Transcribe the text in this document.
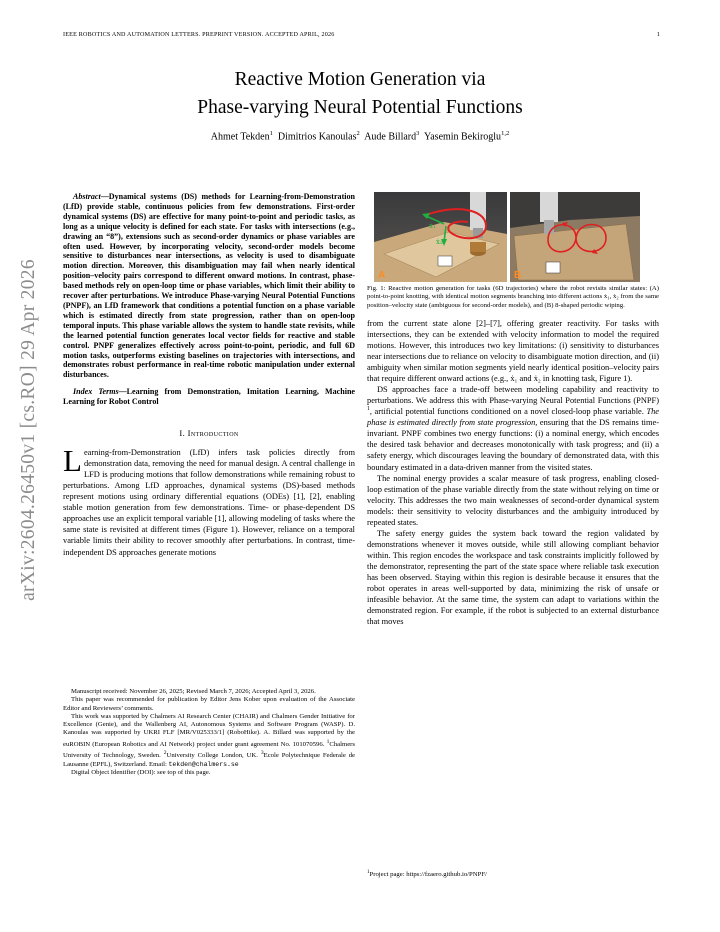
IEEE ROBOTICS AND AUTOMATION LETTERS. PREPRINT VERSION. ACCEPTED APRIL, 2026	1
arXiv:2604.26450v1 [cs.RO] 29 Apr 2026
Reactive Motion Generation via
Phase-varying Neural Potential Functions
Ahmet Tekden$^1$ Dimitrios Kanoulas$^2$ Aude Billard$^3$ Yasemin Bekiroglu$^{1,2}$

Abstract—Dynamical systems (DS) methods for Learning-from-Demonstration (LfD) provide stable, continuous policies from few demonstrations. First-order dynamical systems (DS) are effective for many point-to-point and periodic tasks, as long as a unique velocity is defined for each state. For tasks with intersections (e.g., drawing an “8”), extensions such as second-order dynamics or phase variables are often used. However, by incorporating velocity, second-order models become sensitive to disturbances near intersections, as velocity is used to disambiguate motion direction. Moreover, this disambiguation may fail when nearly identical position–velocity pairs correspond to different onward motions. In contrast, phase-based methods rely on open-loop time or phase variables, which limit their ability to recover after perturbations. We introduce Phase-varying Neural Potential Functions (PNPF), an LfD framework that conditions a potential function on a phase variable which is estimated directly from state progression, rather than on open-loop temporal inputs. This phase variable allows the system to handle state revisits, while the learned potential function generates local vector fields for reactive and stable control. PNPF generalizes effectively across point-to-point, periodic, and full 6D motion tasks, outperforms existing baselines on trajectories with intersections, and demonstrates robust performance in real-time robotic manipulation under external disturbances.

Index Terms—Learning from Demonstration, Imitation Learning, Machine Learning for Robot Control

I. Introduction

Learning-from-Demonstration (LfD) infers task policies directly from demonstration data, removing the need for manual design. A central challenge in LFD is producing motions that follow demonstrations while remaining robust to perturbations. Among LfD approaches, dynamical systems (DS)-based methods represent motions using ordinary differential equations (ODEs) [1], [2], enabling stable motion generation from few demonstrations. Time- or phase-dependent DS approaches use an explicit temporal variable [1], allowing modeling of tasks where the same state is revisited at different times (Figure 1). However, reliance on a temporal variable limits their ability to recover smoothly after perturbations. In contrast, time-independent DS approaches generate motions

Manuscript received: November 26, 2025; Revised March 7, 2026; Accepted April 3, 2026.

This paper was recommended for publication by Editor Jens Kober upon evaluation of the Associate Editor and Reviewers’ comments.

This work was supported by Chalmers AI Research Center (CHAIR) and Chalmers Gender Initiative for Excellence (Genie), and the Wallenberg AI, Autonomous Systems and Software Program (WASP). D. Kanoulas was supported by UKRI FLF [MR/V025333/1] (RoboHike). A. Billard was supported by the euROBIN (European Robotics and AI Network) project under grant agreement No. 101070596. $^1$Chalmers University of Technology, Sweden. $^2$University College London, UK. $^3$Ecole Polytechnique Federale de Lausanne (EPFL), Switzerland. Email: tekden@chalmers.se

Digital Object Identifier (DOI): see top of this page.

ẋ₁
ẋ₂
A	B

Fig. 1: Reactive motion generation for tasks (6D trajectories) where the robot revisits similar states: (A) point-to-point knotting, with identical motion segments branching into different actions ẋ₁, ẋ₂ from the same position–velocity state (ambiguous for second-order models), and (B) 8-shaped periodic wiping.

from the current state alone [2]–[7], offering greater reactivity. For tasks with intersections, they can be extended with velocity information to model the required motions. However, this introduces two key limitations: (i) sensitivity to disturbances near intersections due to reliance on velocity to disambiguate motion direction, and (ii) ambiguity when similar motion segments yield nearly identical position–velocity pairs that require different onward actions (e.g., ẋ₁ and ẋ₂ in knotting task, Figure 1).

DS approaches face a trade-off between modeling capability and reactivity to perturbations. We address this with Phase-varying Neural Potential Functions (PNPF) $^1$, artificial potential functions conditioned on a novel closed-loop phase variable. The phase is estimated directly from state progression, ensuring that the DS remains time-invariant. PNPF combines two energy functions: (i) a nominal energy, which encodes the desired task behavior and decreases monotonically with task progress; and (ii) a safety energy, which discourages leaving the boundary of demonstrated data, with this boundary estimated in a data-driven manner from the visited states.

The nominal energy provides a scalar measure of task progress, enabling closed-loop estimation of the phase variable directly from the state without relying on time or velocity. This addresses the two main weaknesses of second-order dynamical system models: their sensitivity to velocity disturbances and the ambiguity introduced by repeated states.

The safety energy guides the system back toward the region validated by demonstrations whenever it moves outside, while still allowing compliant behavior within. This region encodes the workspace and task constraints implicitly followed by the demonstrator, representing the part of the state space where reliable task execution has been observed. Staying within this region is desirable because it ensures that the robot operates in areas well-supported by data, minimizing the risk of unsafe or infeasible behavior. At the same time, the system can adapt to variations within the demonstrated region. For example, if the robot is subjected to an external disturbance that moves

$^1$Project page: https://fzaero.github.io/PNPF/
